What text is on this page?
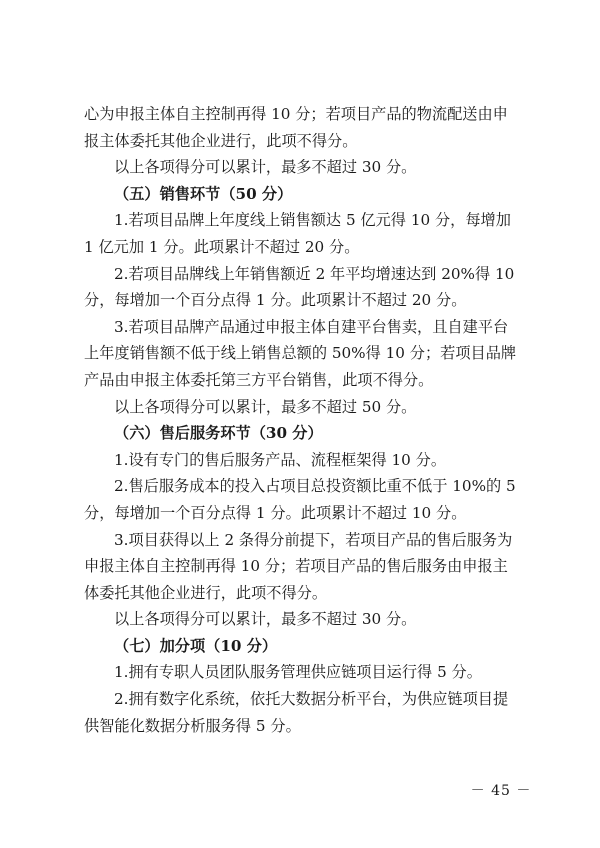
心为申报主体自主控制再得 10 分；若项目产品的物流配送由申
报主体委托其他企业进行，此项不得分。
以上各项得分可以累计，最多不超过 30 分。
（五）销售环节（50 分）
1.若项目品牌上年度线上销售额达 5 亿元得 10 分，每增加
1 亿元加 1 分。此项累计不超过 20 分。
2.若项目品牌线上年销售额近 2 年平均增速达到 20%得 10
分，每增加一个百分点得 1 分。此项累计不超过 20 分。
3.若项目品牌产品通过申报主体自建平台售卖，且自建平台
上年度销售额不低于线上销售总额的 50%得 10 分；若项目品牌
产品由申报主体委托第三方平台销售，此项不得分。
以上各项得分可以累计，最多不超过 50 分。
（六）售后服务环节（30 分）
1.设有专门的售后服务产品、流程框架得 10 分。
2.售后服务成本的投入占项目总投资额比重不低于 10%的 5
分，每增加一个百分点得 1 分。此项累计不超过 10 分。
3.项目获得以上 2 条得分前提下，若项目产品的售后服务为
申报主体自主控制再得 10 分；若项目产品的售后服务由申报主
体委托其他企业进行，此项不得分。
以上各项得分可以累计，最多不超过 30 分。
（七）加分项（10 分）
1.拥有专职人员团队服务管理供应链项目运行得 5 分。
2.拥有数字化系统，依托大数据分析平台，为供应链项目提
供智能化数据分析服务得 5 分。
－ 45 －
